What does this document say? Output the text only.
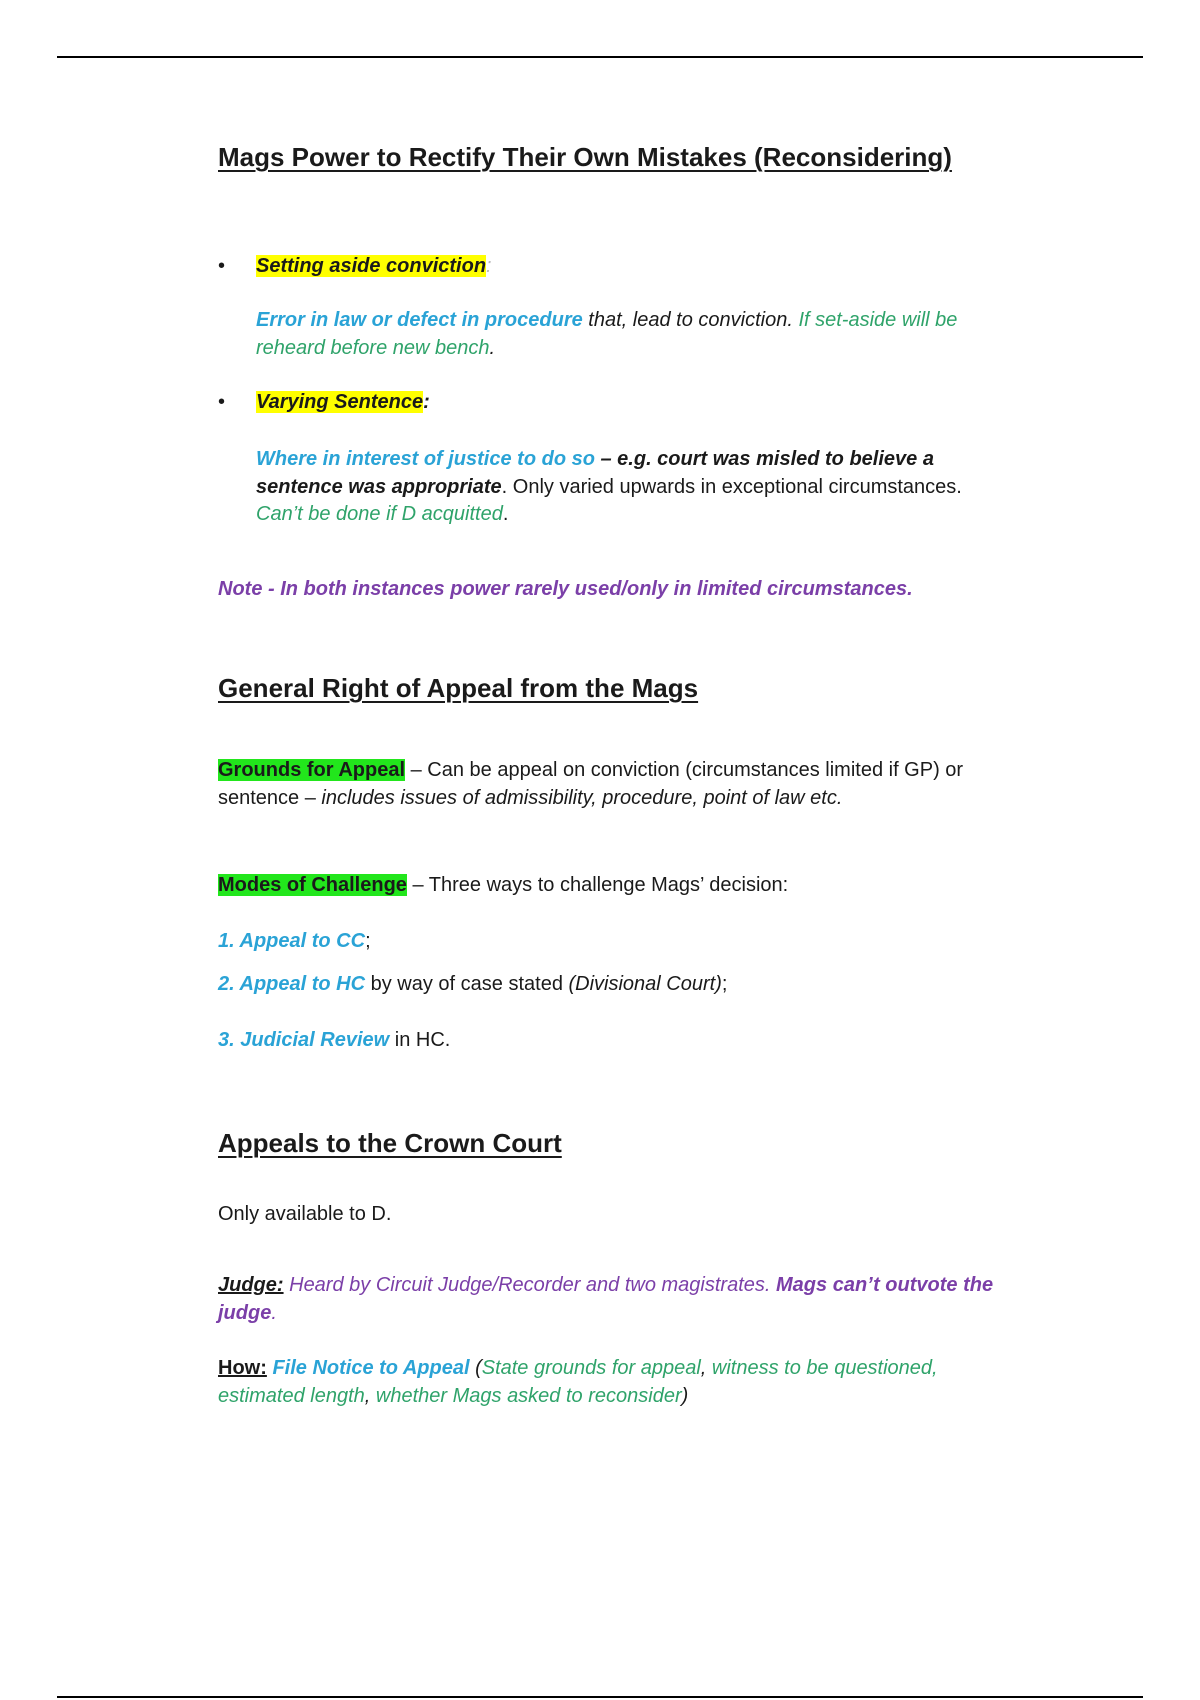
Mags Power to Rectify Their Own Mistakes (Reconsidering)
• Setting aside conviction:
Error in law or defect in procedure that, lead to conviction. If set-aside will be
reheard before new bench.
• Varying Sentence:
Where in interest of justice to do so – e.g. court was misled to believe a
sentence was appropriate. Only varied upwards in exceptional circumstances.
Can’t be done if D acquitted.
Note - In both instances power rarely used/only in limited circumstances.
General Right of Appeal from the Mags
Grounds for Appeal – Can be appeal on conviction (circumstances limited if GP) or
sentence – includes issues of admissibility, procedure, point of law etc.
Modes of Challenge – Three ways to challenge Mags’ decision:
1. Appeal to CC;
2. Appeal to HC by way of case stated (Divisional Court);
3. Judicial Review in HC.
Appeals to the Crown Court
Only available to D.
Judge: Heard by Circuit Judge/Recorder and two magistrates. Mags can’t outvote the
judge.
How: File Notice to Appeal (State grounds for appeal, witness to be questioned,
estimated length, whether Mags asked to reconsider)
